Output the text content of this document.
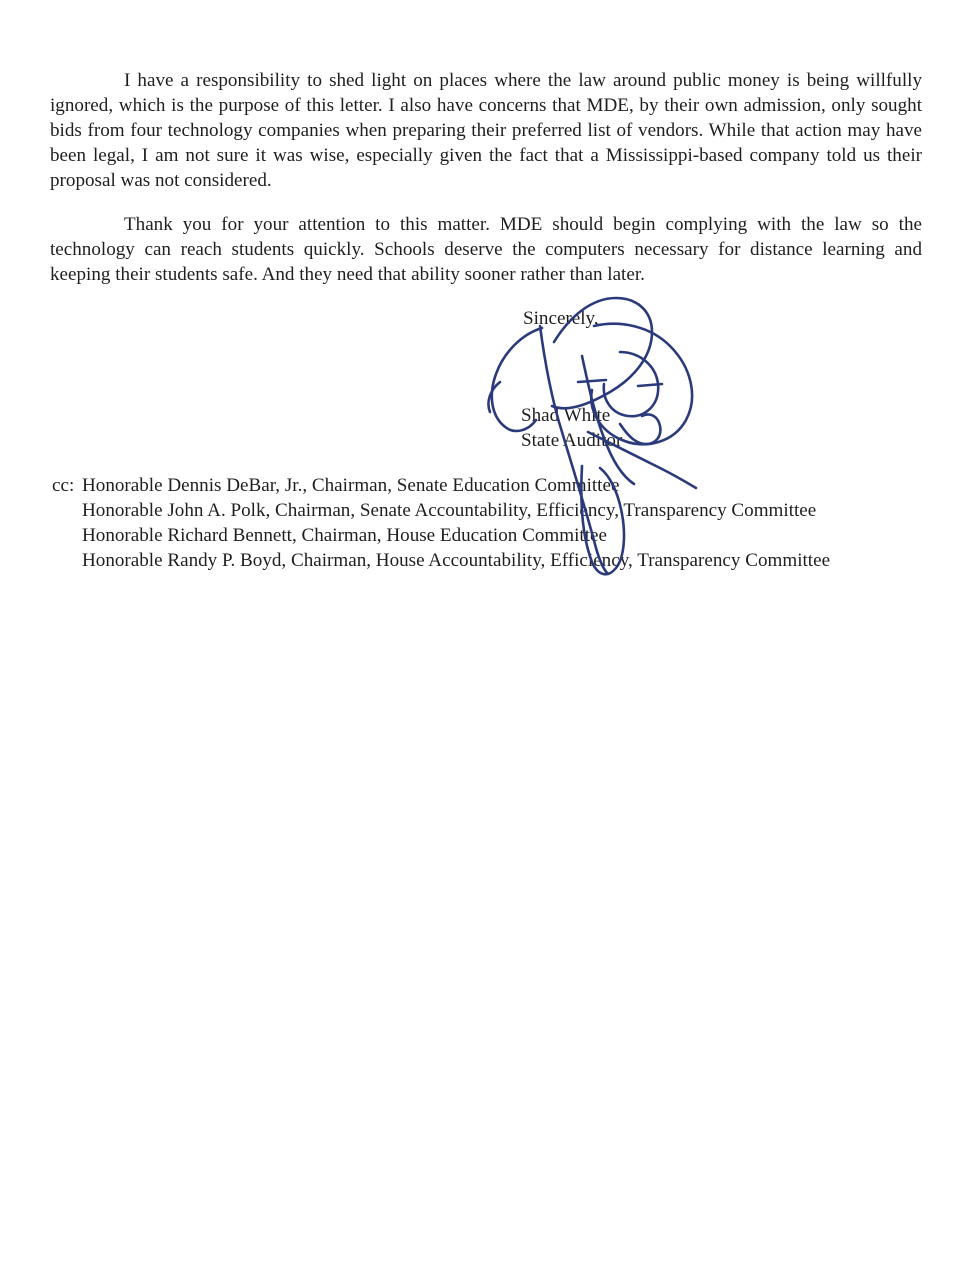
I have a responsibility to shed light on places where the law around public money is being willfully ignored, which is the purpose of this letter. I also have concerns that MDE, by their own admission, only sought bids from four technology companies when preparing their preferred list of vendors. While that action may have been legal, I am not sure it was wise, especially given the fact that a Mississippi-based company told us their proposal was not considered.

Thank you for your attention to this matter. MDE should begin complying with the law so the technology can reach students quickly. Schools deserve the computers necessary for distance learning and keeping their students safe. And they need that ability sooner rather than later.

Sincerely,
Shad White
State Auditor
cc: Honorable Dennis DeBar, Jr., Chairman, Senate Education Committee
Honorable John A. Polk, Chairman, Senate Accountability, Efficiency, Transparency Committee
Honorable Richard Bennett, Chairman, House Education Committee
Honorable Randy P. Boyd, Chairman, House Accountability, Efficiency, Transparency Committee
